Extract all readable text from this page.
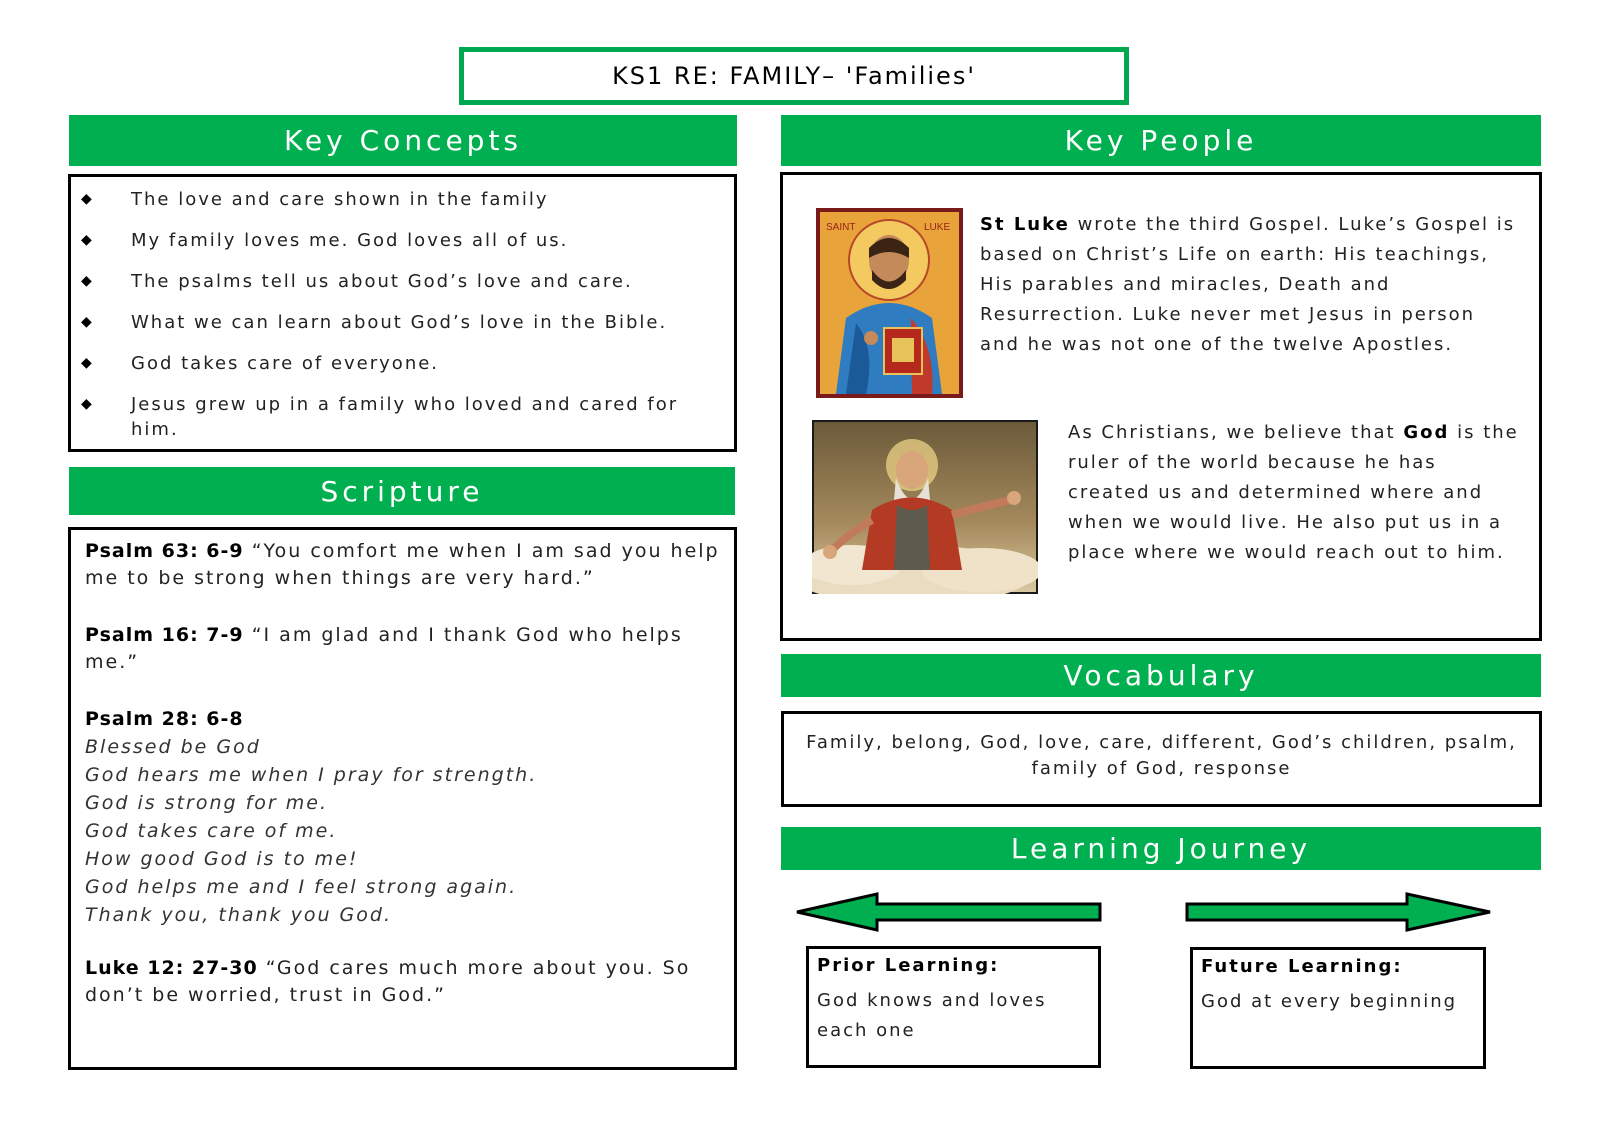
KS1 RE: FAMILY– 'Families'
Key Concepts
◆ The love and care shown in the family
◆ My family loves me. God loves all of us.
◆ The psalms tell us about God’s love and care.
◆ What we can learn about God’s love in the Bible.
◆ God takes care of everyone.
◆ Jesus grew up in a family who loved and cared for him.
Scripture

Psalm 63: 6-9 “You comfort me when I am sad you help me to be strong when things are very hard.”

Psalm 16: 7-9 “I am glad and I thank God who helps me.”

Psalm 28: 6-8

Blessed be God

God hears me when I pray for strength.

God is strong for me.

God takes care of me.

How good God is to me!

God helps me and I feel strong again.

Thank you, thank you God.

Luke 12: 27-30 “God cares much more about you. So don’t be worried, trust in God.”

Key People
SAINT	LUKE St Luke wrote the third Gospel. Luke’s Gospel is based on Christ’s Life on earth: His teachings, His parables and miracles, Death and Resurrection. Luke never met Jesus in person and he was not one of the twelve Apostles.
As Christians, we believe that God is the ruler of the world because he has created us and determined where and when we would live. He also put us in a place where we would reach out to him.
Vocabulary
Family, belong, God, love, care, different, God’s children, psalm, family of God, response
Learning Journey
Prior Learning:
God knows and loves each one
Future Learning:
God at every beginning
